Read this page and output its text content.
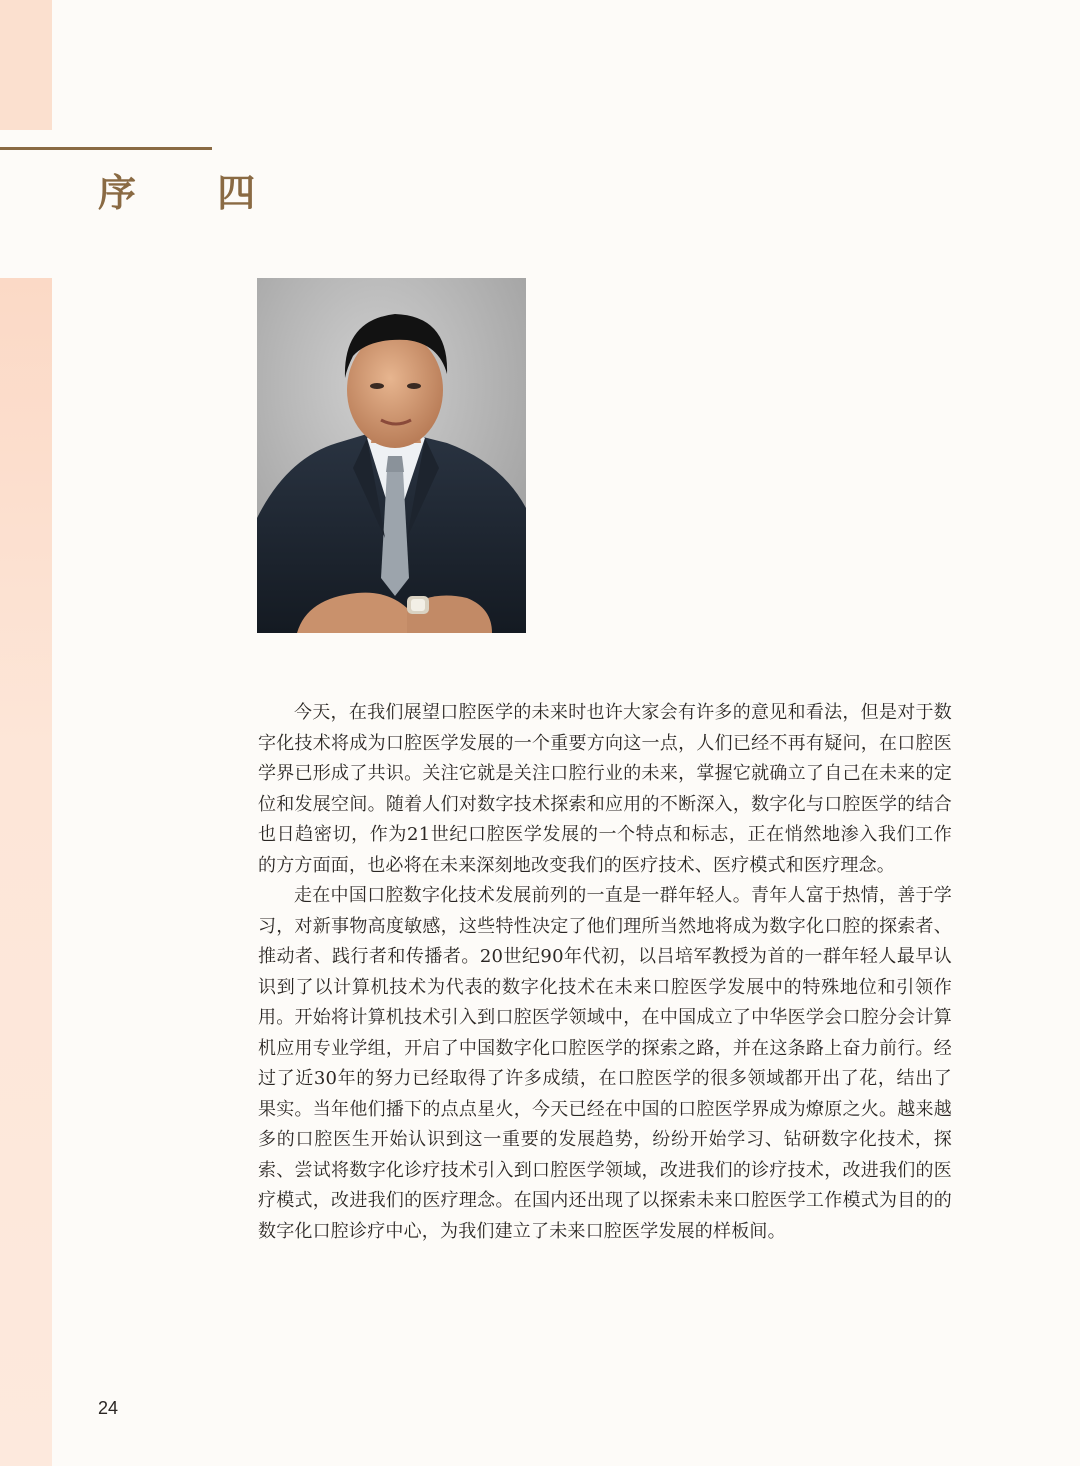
序 四

今天，在我们展望口腔医学的未来时也许大家会有许多的意见和看法，但是对于数字化技术将成为口腔医学发展的一个重要方向这一点，人们已经不再有疑问，在口腔医学界已形成了共识。关注它就是关注口腔行业的未来，掌握它就确立了自己在未来的定位和发展空间。随着人们对数字技术探索和应用的不断深入，数字化与口腔医学的结合也日趋密切，作为21世纪口腔医学发展的一个特点和标志，正在悄然地渗入我们工作的方方面面，也必将在未来深刻地改变我们的医疗技术、医疗模式和医疗理念。

走在中国口腔数字化技术发展前列的一直是一群年轻人。青年人富于热情，善于学习，对新事物高度敏感，这些特性决定了他们理所当然地将成为数字化口腔的探索者、推动者、践行者和传播者。20世纪90年代初，以吕培军教授为首的一群年轻人最早认识到了以计算机技术为代表的数字化技术在未来口腔医学发展中的特殊地位和引领作用。开始将计算机技术引入到口腔医学领域中，在中国成立了中华医学会口腔分会计算机应用专业学组，开启了中国数字化口腔医学的探索之路，并在这条路上奋力前行。经过了近30年的努力已经取得了许多成绩，在口腔医学的很多领域都开出了花，结出了果实。当年他们播下的点点星火，今天已经在中国的口腔医学界成为燎原之火。越来越多的口腔医生开始认识到这一重要的发展趋势，纷纷开始学习、钻研数字化技术，探索、尝试将数字化诊疗技术引入到口腔医学领域，改进我们的诊疗技术，改进我们的医疗模式，改进我们的医疗理念。在国内还出现了以探索未来口腔医学工作模式为目的的数字化口腔诊疗中心，为我们建立了未来口腔医学发展的样板间。

24
